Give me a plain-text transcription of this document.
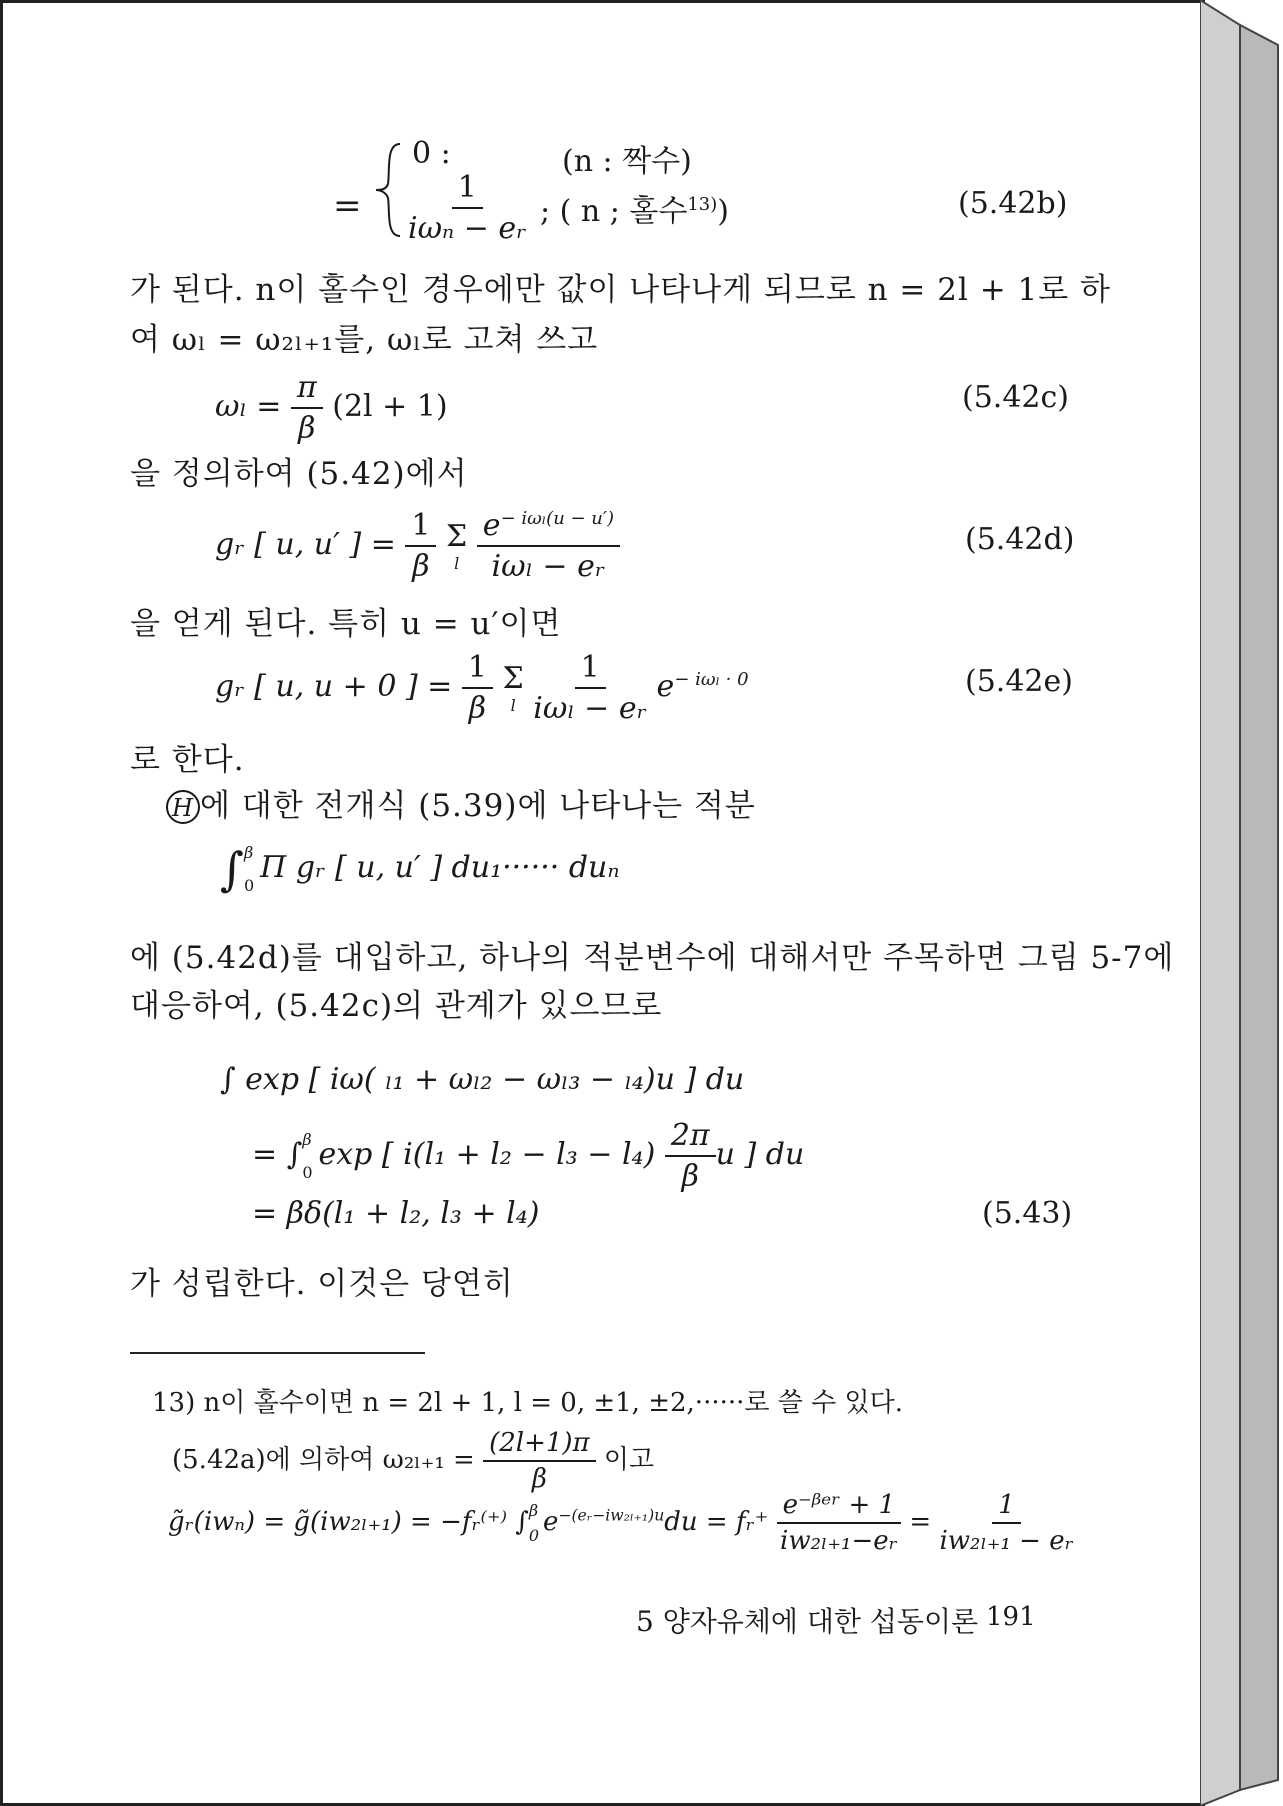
=
0 :	(n : 짝수)
$\frac{1}{\text{iωₙ − eᵣ}}$ ; ( n ; 홀수$^{13)}$)	(5.42b)
가 된다. n이 홀수인 경우에만 값이 나타나게 되므로 n = 2l + 1로 하
여 ωₗ = ω₂ₗ₊₁를, ωₗ로 고쳐 쓰고
$\omega_l = \frac{\pi}{\beta} (2l + 1)$	(5.42c)
을 정의하여 (5.42)에서
gᵣ [ u, u′ ] = $\frac{1}{\beta}$
Σ
l
$\frac{e^{- i\omega_l(u - u')}}{\text{iωₗ − eᵣ}}$	(5.42d)
을 얻게 된다. 특히 u = u′이면
gᵣ [ u, u + 0 ] = $\frac{1}{\beta}$
Σ
l
$\frac{1}{\text{iωₗ − eᵣ}} e^{- i\omega_l \cdot 0}$	(5.42e)
로 한다.
H 에 대한 전개식 (5.39)에 나타나는 적분
∫ β
0
Π gᵣ [ u, u′ ] du₁······ duₙ
에 (5.42d)를 대입하고, 하나의 적분변수에 대해서만 주목하면 그림 5-7에
대응하여, (5.42c)의 관계가 있으므로
∫ exp [ iω( ₗ₁ + ωₗ₂ − ωₗ₃ − ₗ₄)u ] du
= ∫ β
0
exp [ $i(l_1 + l_2 - l_3 - l_4) \frac{2\pi}{\beta}$ u ] du
= βδ(l₁ + l₂, l₃ + l₄)	(5.43)
가 성립한다. 이것은 당연히
13) n이 홀수이면 n = 2l + 1, l = 0, ±1, ±2,······로 쓸 수 있다.
(5.42a)에 의하여 $\omega_{2l+1} = \frac{(2l+1)\pi}{\beta}$ 이고
g̃ᵣ(iwₙ) = g̃(iw₂ₗ₊₁) = −fᵣ⁽⁺⁾ ∫ β
0 $e^{-(eᵣ-iw_{2l+1})u}du$ = fᵣ⁺ $\frac{\text{e⁻ᵝᵉʳ + 1}}{\text{iw₂ₗ₊₁−eᵣ}} = \frac{1}{\text{iw₂ₗ₊₁ − eᵣ}}$
5 양자유체에 대한 섭동이론 191
